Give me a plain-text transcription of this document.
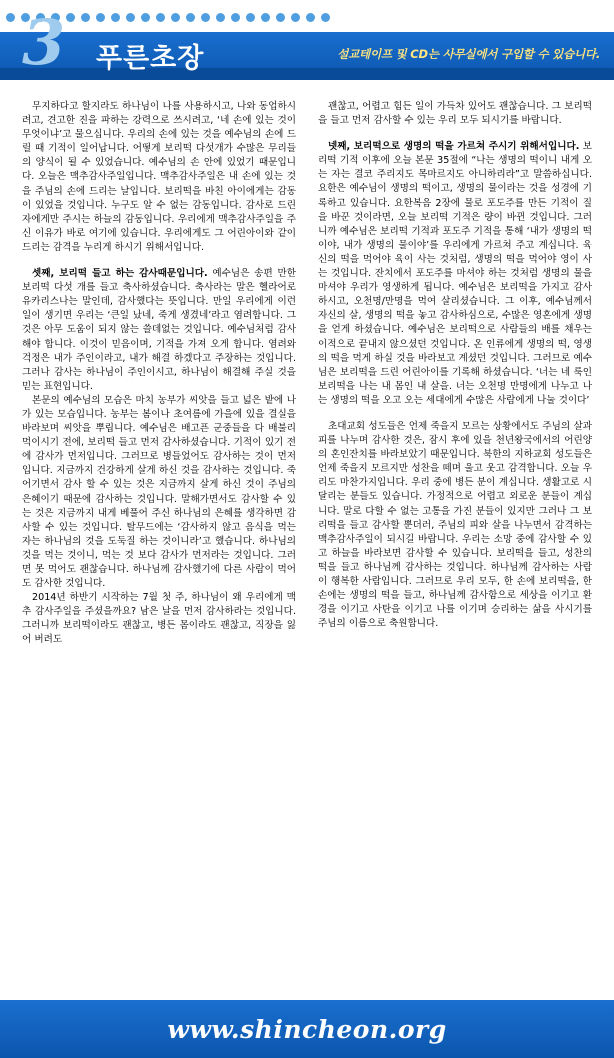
3 푸른초장	설교테이프 및 CD는 사무실에서 구입할 수 있습니다.

무지하다고 할지라도 하나님이 나를 사용하시고, 나와 동업하시려고, 견고한 진을 파하는 강력으로 쓰시려고, ‘네 손에 있는 것이 무엇이냐’고 물으십니다. 우리의 손에 있는 것을 예수님의 손에 드릴 때 기적이 일어납니다. 어떻게 보리떡 다섯개가 수많은 무리들의 양식이 될 수 있었습니다. 예수님의 손 안에 있었기 때문입니다. 오늘은 맥추감사주일입니다. 맥추감사주일은 내 손에 있는 것을 주님의 손에 드리는 날입니다. 보리떡을 바친 아이에게는 감동이 있었을 것입니다. 누구도 알 수 없는 감동입니다. 감사로 드린 자에게만 주시는 하늘의 감동입니다. 우리에게 맥추감사주일을 주신 이유가 바로 여기에 있습니다. 우리에게도 그 어린아이와 같이 드리는 감격을 누리게 하시기 위해서입니다.

셋째, 보리떡 들고 하는 감사때문입니다. 예수님은 송편 만한 보리떡 다섯 개를 들고 축사하셨습니다. 축사라는 말은 헬라어로 유카리스나는 말인데, 감사했다는 뜻입니다. 만일 우리에게 이런 일이 생기면 우리는 ‘큰일 났네, 죽게 생겼네’라고 염려합니다. 그것은 아무 도움이 되지 않는 쓸데없는 것입니다. 예수님처럼 감사해야 합니다. 이것이 믿음이며, 기적을 가져 오게 합니다. 염려와 걱정은 내가 주인이라고, 내가 해결 하겠다고 주장하는 것입니다. 그러나 감사는 하나님이 주인이시고, 하나님이 해결해 주실 것을 믿는 표현입니다.

본문의 예수님의 모습은 마치 농부가 씨앗을 들고 넓은 밭에 나가 있는 모습입니다. 농부는 봄이나 초여름에 가을에 있을 결실을 바라보며 씨앗을 뿌립니다. 예수님은 배고픈 군중들을 다 배불리 먹이시기 전에, 보리떡 들고 먼저 감사하셨습니다. 기적이 있기 전에 감사가 먼저입니다. 그러므로 병들었어도 감사하는 것이 먼저입니다. 지금까지 건강하게 살게 하신 것을 감사하는 것입니다. 죽어기면서 감사 할 수 있는 것은 지금까지 살게 하신 것이 주님의 은혜이기 때문에 감사하는 것입니다. 말해가면서도 감사할 수 있는 것은 지금까지 내게 베풀어 주신 하나님의 은혜를 생각하면 감사할 수 있는 것입니다. 탈무드에는 ‘감사하지 않고 음식을 먹는 자는 하나님의 것을 도둑질 하는 것이니라’고 했습니다. 하나님의 것을 먹는 것이니, 먹는 것 보다 감사가 먼저라는 것입니다. 그러면 못 먹어도 괜찮습니다. 하나님께 감사했기에 다른 사람이 먹어도 감사한 것입니다.

2014년 하반기 시작하는 7월 첫 주, 하나님이 왜 우리에게 맥추 감사주일을 주셨을까요? 남은 날을 먼저 감사하라는 것입니다. 그러니까 보리떡이라도 괜찮고, 병든 몸이라도 괜찮고, 직장을 잃어 버려도

괜찮고, 어렵고 힘든 일이 가득차 있어도 괜찮습니다. 그 보리떡을 들고 먼저 감사할 수 있는 우리 모두 되시기를 바랍니다.

넷째, 보리떡으로 생명의 떡을 가르쳐 주시기 위해서입니다. 보리떡 기적 이후에 오늘 본문 35절에 “나는 생명의 떡이니 내게 오는 자는 결코 주리지도 목마르지도 아니하리라”고 말씀하십니다. 요한은 예수님이 생명의 떡이고, 생명의 물이라는 것을 성경에 기록하고 있습니다. 요한복음 2장에 물로 포도주를 만든 기적이 질을 바꾼 것이라면, 오늘 보리떡 기적은 량이 바뀐 것입니다. 그러니까 예수님은 보리떡 기적과 포도주 기적을 통해 ‘내가 생명의 떡이야, 내가 생명의 물이야’를 우리에게 가르쳐 주고 계십니다. 육신의 떡을 먹어야 육이 사는 것처럼, 생명의 떡을 먹어야 영이 사는 것입니다. 잔치에서 포도주를 마셔야 하는 것처럼 생명의 물을 마셔야 우리가 영생하게 됩니다. 예수님은 보리떡을 가지고 감사하시고, 오천명/만명을 먹여 살리셨습니다. 그 이후, 예수님께서 자신의 살, 생명의 떡을 놓고 감사하심으로, 수많은 영혼에게 생명을 얻게 하셨습니다. 예수님은 보리떡으로 사람들의 배를 채우는 이적으로 끝내지 않으셨던 것입니다. 온 인류에게 생명의 떡, 영생의 떡을 먹게 하실 것을 바라보고 계셨던 것입니다. 그러므로 예수님은 보리떡을 드린 어린아이를 기록해 하셨습니다. ‘너는 네 룩인 보리떡을 나는 내 몸인 내 살을. 너는 오천명 만명에게 나누고 나는 생명의 떡을 오고 오는 세대에게 수많은 사람에게 나눌 것이다’

초대교회 성도들은 언제 죽을지 모르는 상황에서도 주님의 살과 피를 나누며 감사한 것은, 잠시 후에 있을 천년왕국에서의 어린양의 혼인잔치를 바라보았기 때문입니다. 북한의 지하교회 성도들은 언제 죽을지 모르지만 성찬을 떼며 울고 웃고 감격합니다. 오늘 우리도 마찬가지입니다. 우리 중에 병든 분이 계십니다. 생활고로 시달리는 분들도 있습니다. 가정적으로 어렵고 외로운 분들이 계십니다. 말로 다할 수 없는 고통을 가진 분들이 있지만 그러나 그 보리떡을 들고 감사할 뿐더러, 주님의 피와 살을 나누면서 감격하는 맥추감사주일이 되시길 바랍니다. 우리는 소망 중에 감사할 수 있고 하늘을 바라보면 감사할 수 있습니다. 보리떡을 들고, 성찬의 떡을 들고 하나님께 감사하는 것입니다. 하나님께 감사하는 사람이 행복한 사람입니다. 그러므로 우리 모두, 한 손에 보리떡을, 한 손에는 생명의 떡을 들고, 하나님께 감사함으로 세상을 이기고 환경을 이기고 사탄을 이기고 나를 이기며 승리하는 삶을 사시기를 주님의 이름으로 축원합니다.

www.shincheon.org
